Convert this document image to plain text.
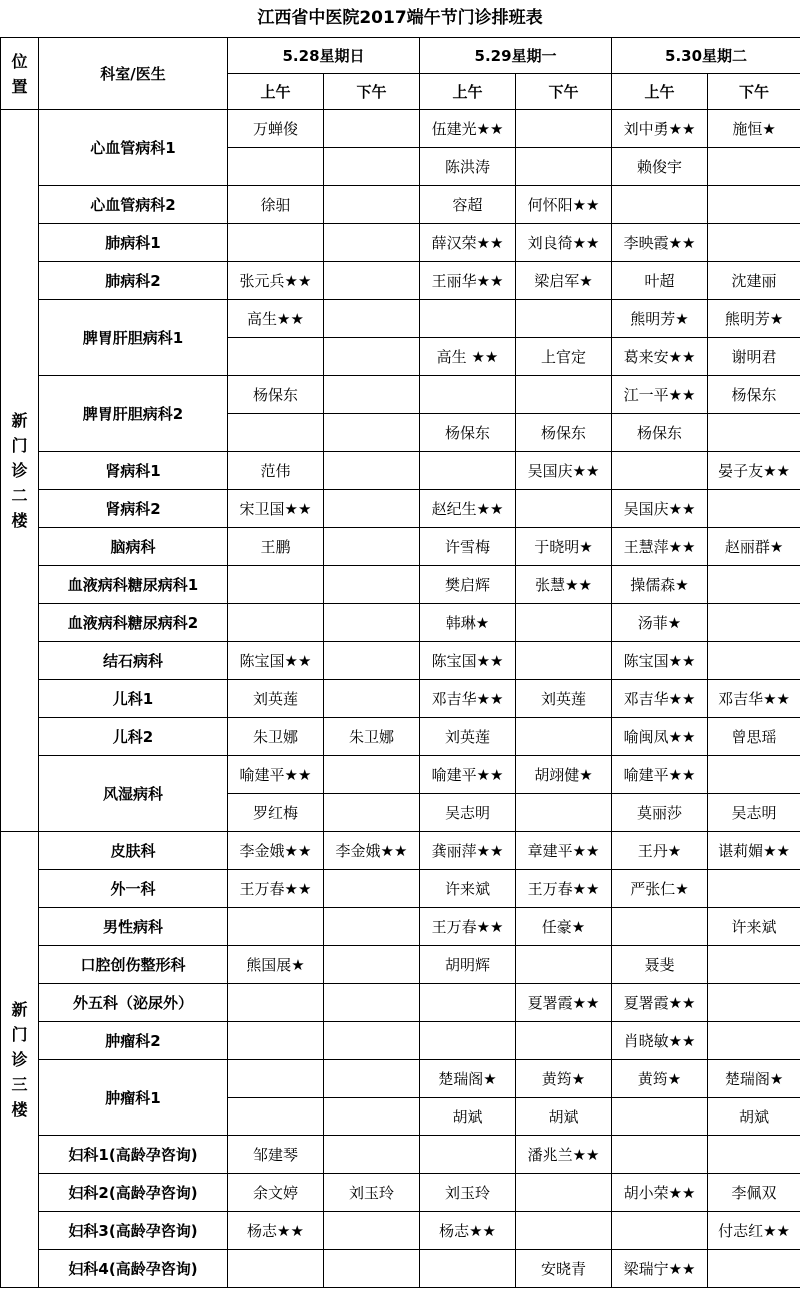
江西省中医院2017端午节门诊排班表
位置	科室/医生	5.28星期日		5.29星期一		5.30星期二	
		上午	下午	上午	下午	上午	下午
新门诊二楼	心血管病科1	万蝉俊		伍建光★★		刘中勇★★	施恒★
				陈洪涛		赖俊宇	
	心血管病科2	徐驲		容超	何怀阳★★		
	肺病科1			薛汉荣★★	刘良徛★★	李映霞★★	
	肺病科2	张元兵★★		王丽华★★	梁启军★	叶超	沈建丽
	脾胃肝胆病科1	高生★★				熊明芳★	熊明芳★
				高生 ★★	上官定	葛来安★★	谢明君
	脾胃肝胆病科2	杨保东				江一平★★	杨保东
				杨保东	杨保东	杨保东	
	肾病科1	范伟			吴国庆★★		晏子友★★
	肾病科2	宋卫国★★		赵纪生★★		吴国庆★★	
	脑病科	王鹏		许雪梅	于晓明★	王慧萍★★	赵丽群★
	血液病科糖尿病科1			樊启辉	张慧★★	操儒森★	
	血液病科糖尿病科2			韩琳★		汤菲★	
	结石病科	陈宝国★★		陈宝国★★		陈宝国★★	
	儿科1	刘英莲		邓吉华★★	刘英莲	邓吉华★★	邓吉华★★
	儿科2	朱卫娜	朱卫娜	刘英莲		喻闽凤★★	曾思瑶
	风湿病科	喻建平★★		喻建平★★	胡翊健★	喻建平★★	
		罗红梅		吴志明		莫丽莎	吴志明
新门诊三楼	皮肤科	李金娥★★	李金娥★★	龚丽萍★★	章建平★★	王丹★	谌莉媚★★
	外一科	王万春★★		许来斌	王万春★★	严张仁★	
	男性病科			王万春★★	任豪★		许来斌
	口腔创伤整形科	熊国展★		胡明辉		聂斐	
	外五科（泌尿外）				夏署霞★★	夏署霞★★	
	肿瘤科2					肖晓敏★★	
	肿瘤科1			楚瑞阁★	黄筠★	黄筠★	楚瑞阁★
				胡斌	胡斌		胡斌
	妇科1(高龄孕咨询)	邹建琴			潘兆兰★★		
	妇科2(高龄孕咨询)	余文婷	刘玉玲	刘玉玲		胡小荣★★	李佩双
	妇科3(高龄孕咨询)	杨志★★		杨志★★			付志红★★
	妇科4(高龄孕咨询)				安晓青	梁瑞宁★★	
